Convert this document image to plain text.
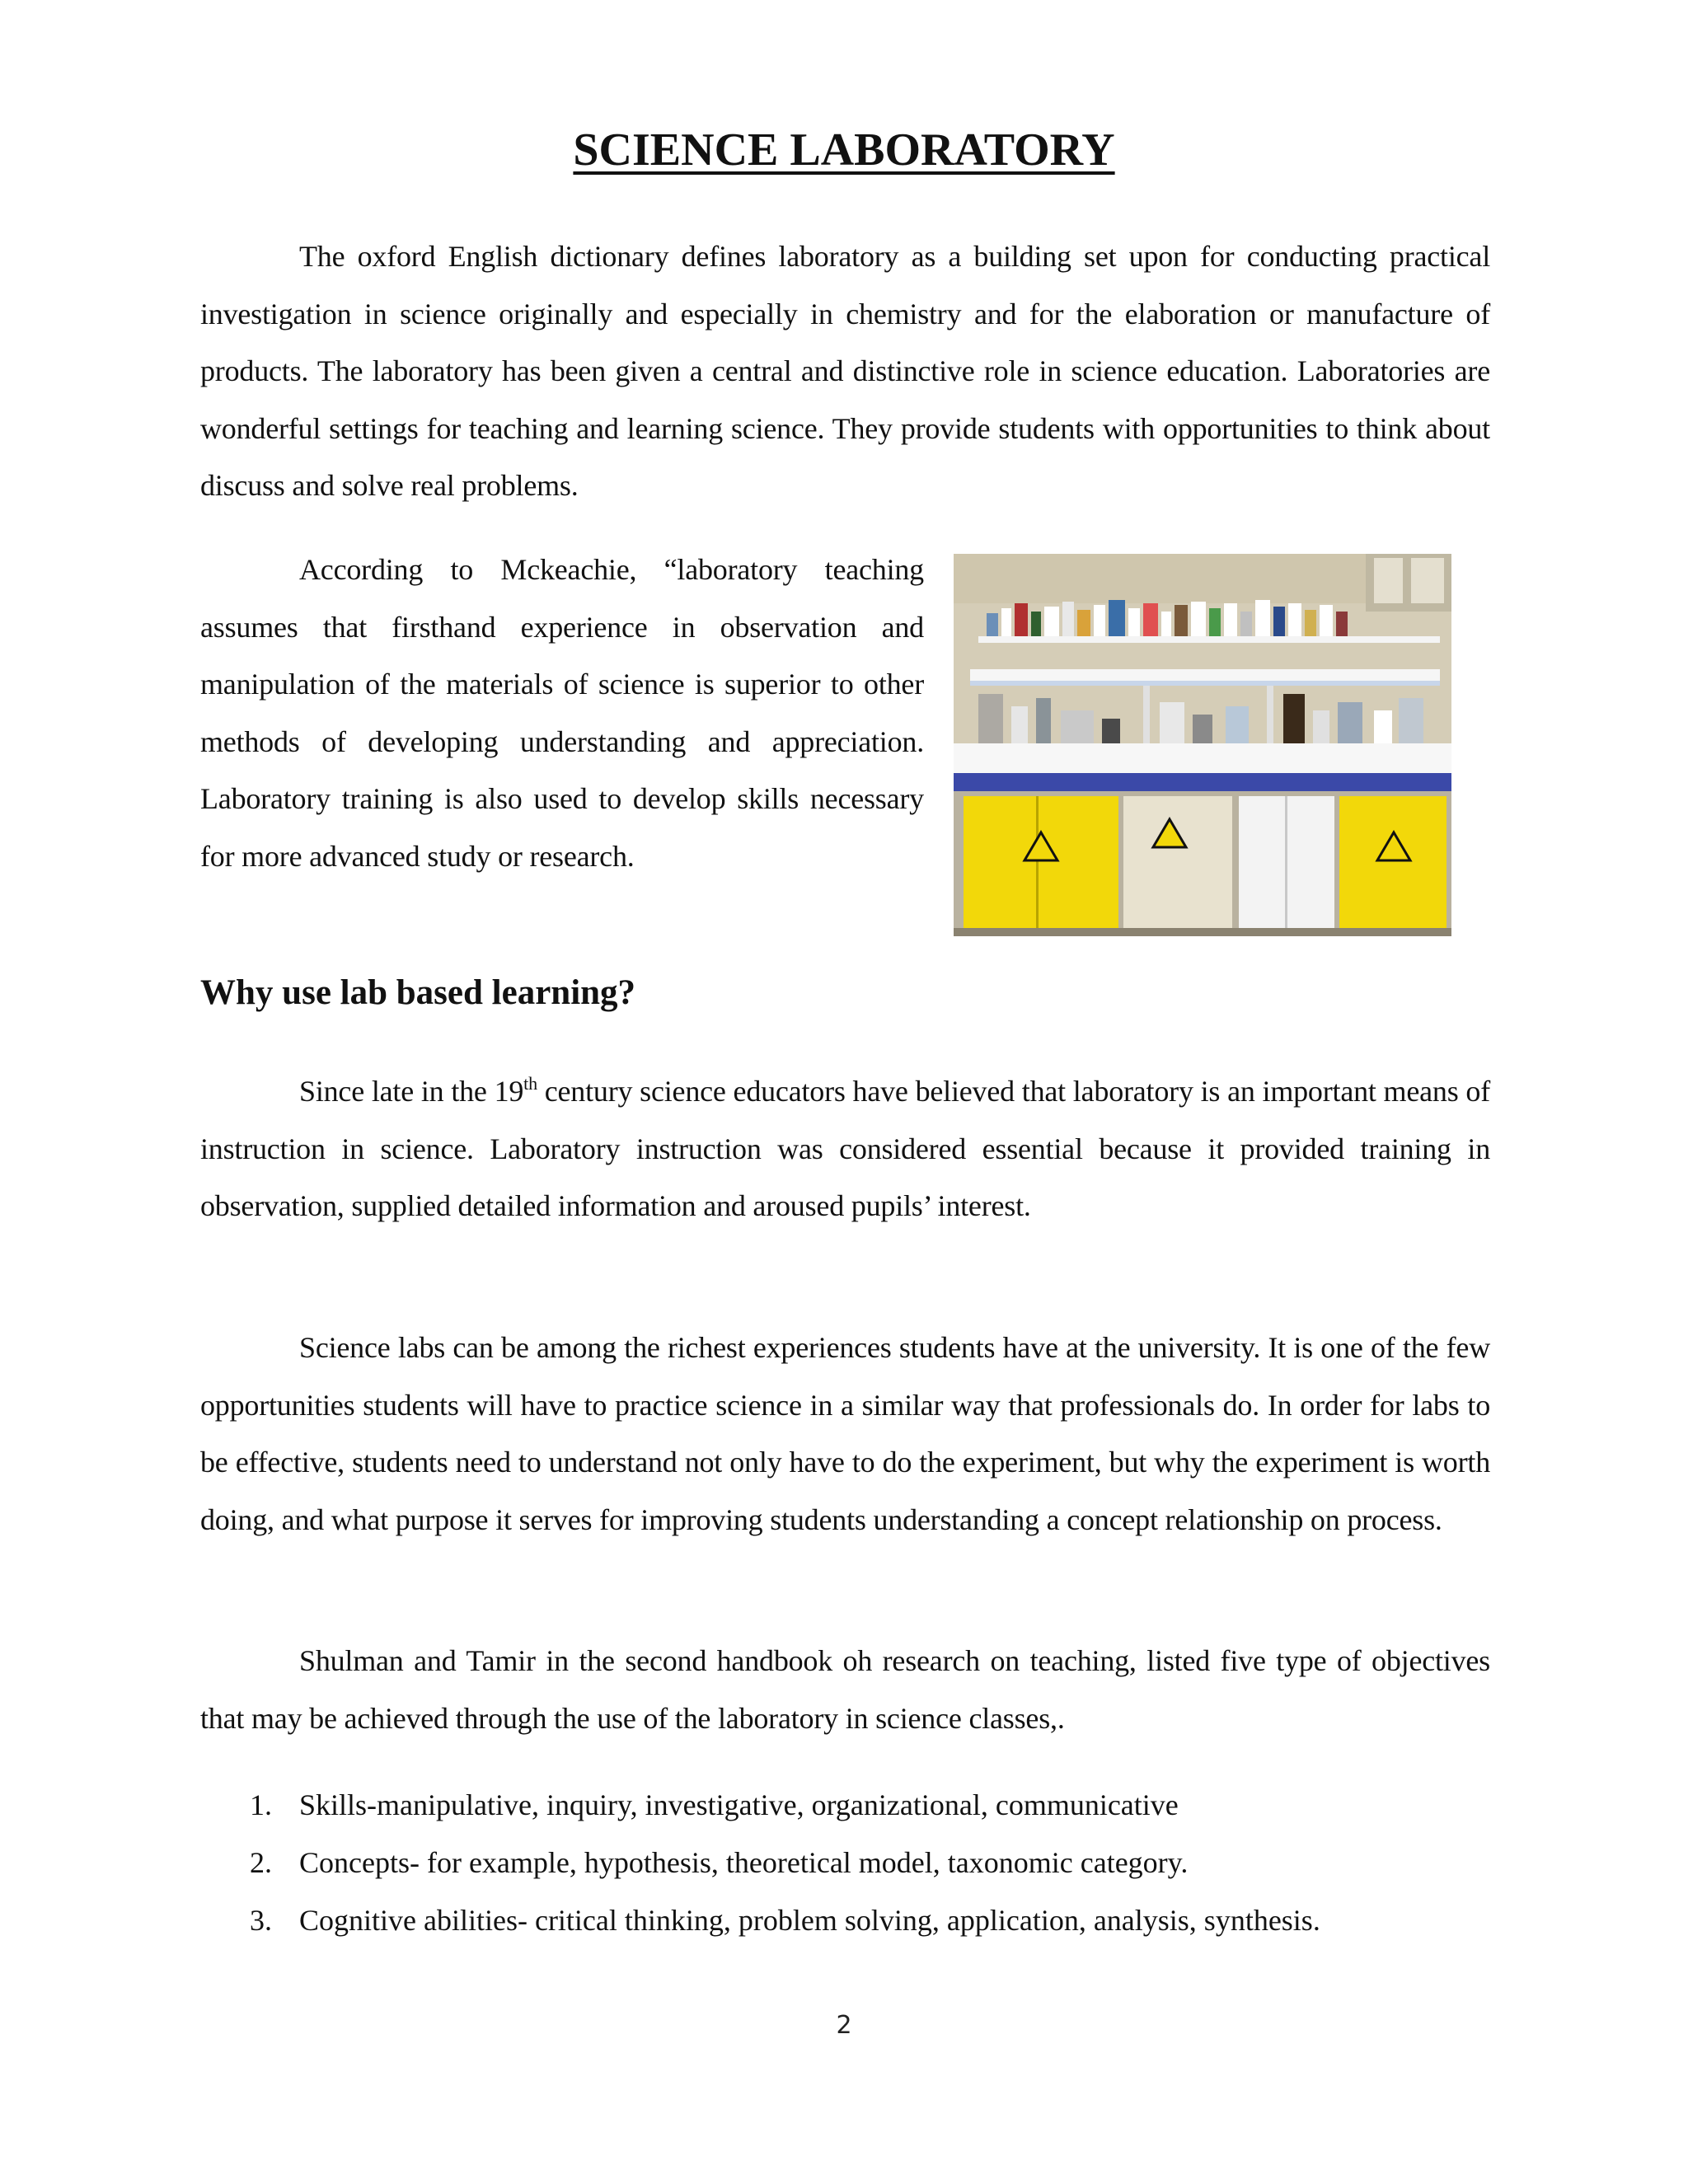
SCIENCE LABORATORY

The oxford English dictionary defines laboratory as a building set upon for conducting practical investigation in science originally and especially in chemistry and for the elaboration or manufacture of products. The laboratory has been given a central and distinctive role in science education. Laboratories are wonderful settings for teaching and learning science. They provide students with opportunities to think about discuss and solve real problems.

According to Mckeachie, “laboratory teaching assumes that firsthand experience in observation and manipulation of the materials of science is superior to other methods of developing understanding and appreciation. Laboratory training is also used to develop skills necessary for more advanced study or research.

Why use lab based learning?

Since late in the 19th century science educators have believed that laboratory is an important means of instruction in science. Laboratory instruction was considered essential because it provided training in observation, supplied detailed information and aroused pupils’ interest.

Science labs can be among the richest experiences students have at the university. It is one of the few opportunities students will have to practice science in a similar way that professionals do. In order for labs to be effective, students need to understand not only have to do the experiment, but why the experiment is worth doing, and what purpose it serves for improving students understanding a concept relationship on process.

Shulman and Tamir in the second handbook oh research on teaching, listed five type of objectives that may be achieved through the use of the laboratory in science classes,.

1. Skills-manipulative, inquiry, investigative, organizational, communicative
2. Concepts- for example, hypothesis, theoretical model, taxonomic category.
3. Cognitive abilities- critical thinking, problem solving, application, analysis, synthesis.
2
